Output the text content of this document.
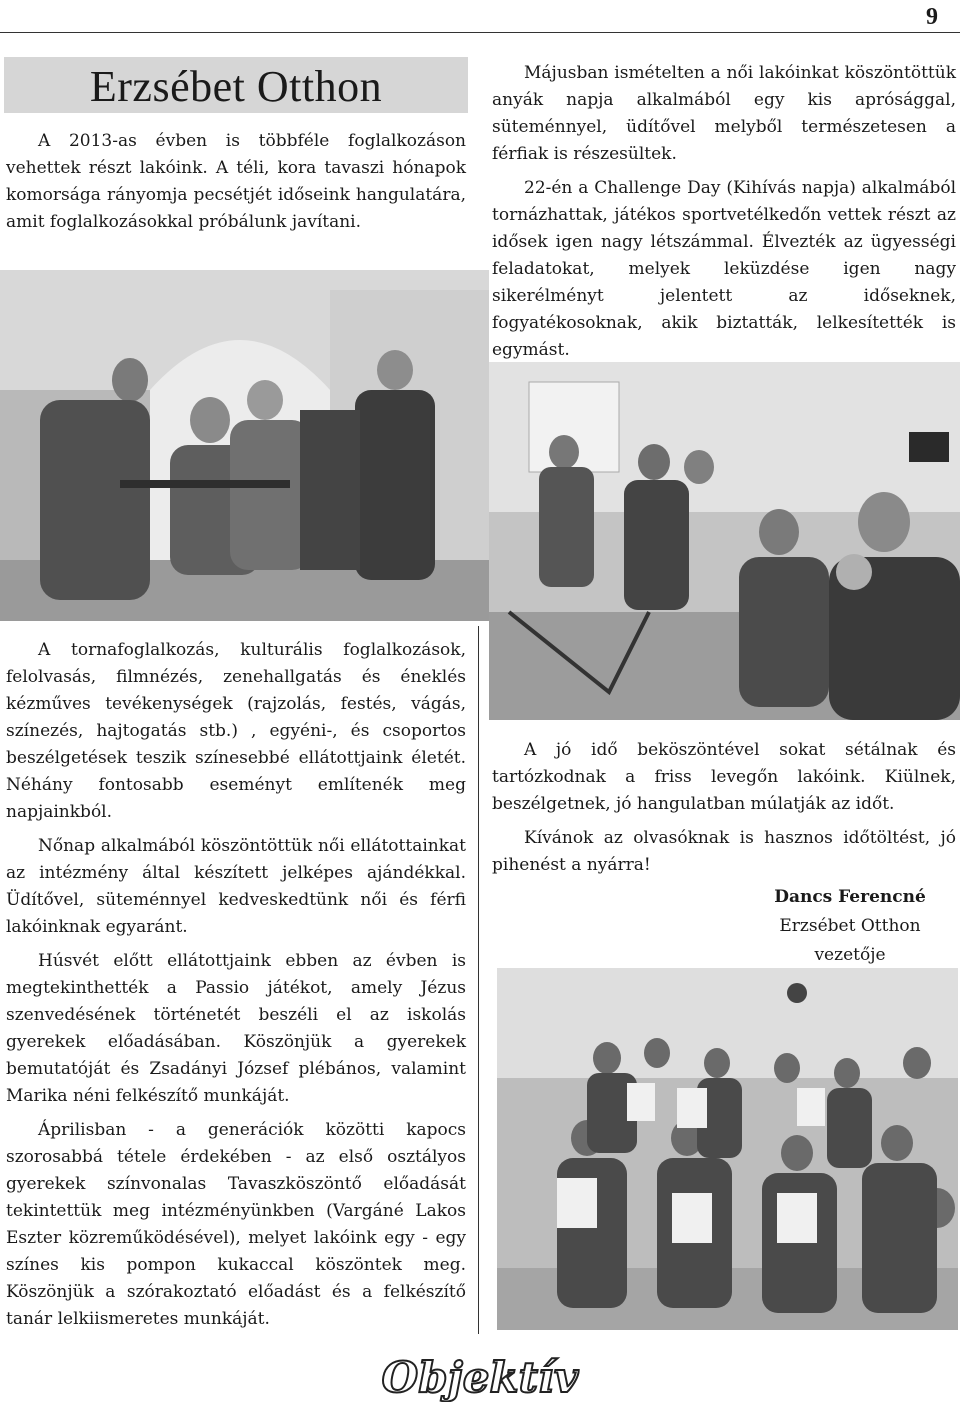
9
Erzsébet Otthon

A 2013-as évben is többféle foglalkozáson vehettek részt lakóink. A téli, kora tavaszi hónapok komorsága rányomja pecsétjét időseink hangulatára, amit foglalkozásokkal próbálunk javítani.

Májusban ismételten a női lakóinkat köszöntöttük anyák napja alkalmából egy kis aprósággal, süteménnyel, üdítővel melyből természetesen a férfiak is részesültek.

22-én a Challenge Day (Kihívás napja) alkalmából tornázhattak, játékos sportvetélkedőn vettek részt az idősek igen nagy létszámmal. Élvezték az ügyességi feladatokat, melyek leküzdése igen nagy sikerélményt jelentett az időseknek, fogyatékosoknak, akik biztatták, lelkesítették is egymást.

A tornafoglalkozás, kulturális foglalkozások, felolvasás, filmnézés, zenehallgatás és éneklés kézműves tevékenységek (rajzolás, festés, vágás, színezés, hajtogatás stb.) , egyéni-, és csoportos beszélgetések teszik színesebbé ellátottjaink életét. Néhány fontosabb eseményt említenék meg napjainkból.

Nőnap alkalmából köszöntöttük női ellátottainkat az intézmény által készített jelképes ajándékkal. Üdítővel, süteménnyel kedveskedtünk női és férfi lakóinknak egyaránt.

Húsvét előtt ellátottjaink ebben az évben is megtekinthették a Passio játékot, amely Jézus szenvedésének történetét beszéli el az iskolás gyerekek előadásában. Köszönjük a gyerekek bemutatóját és Zsadányi József plébános, valamint Marika néni felkészítő munkáját.

Áprilisban - a generációk közötti kapocs szorosabbá tétele érdekében - az első osztályos gyerekek színvonalas Tavaszköszöntő előadását tekintettük meg intézményünkben (Vargáné Lakos Eszter közreműködésével), melyet lakóink egy - egy színes kis pompon kukaccal köszöntek meg. Köszönjük a szórakoztató előadást és a felkészítő tanár lelkiismeretes munkáját.

A jó idő beköszöntével sokat sétálnak és tartózkodnak a friss levegőn lakóink. Kiülnek, beszélgetnek, jó hangulatban múlatják az időt.

Kívánok az olvasóknak is hasznos időtöltést, jó pihenést a nyárra!

Dancs Ferencné
Erzsébet Otthon
vezetője
Objektív
